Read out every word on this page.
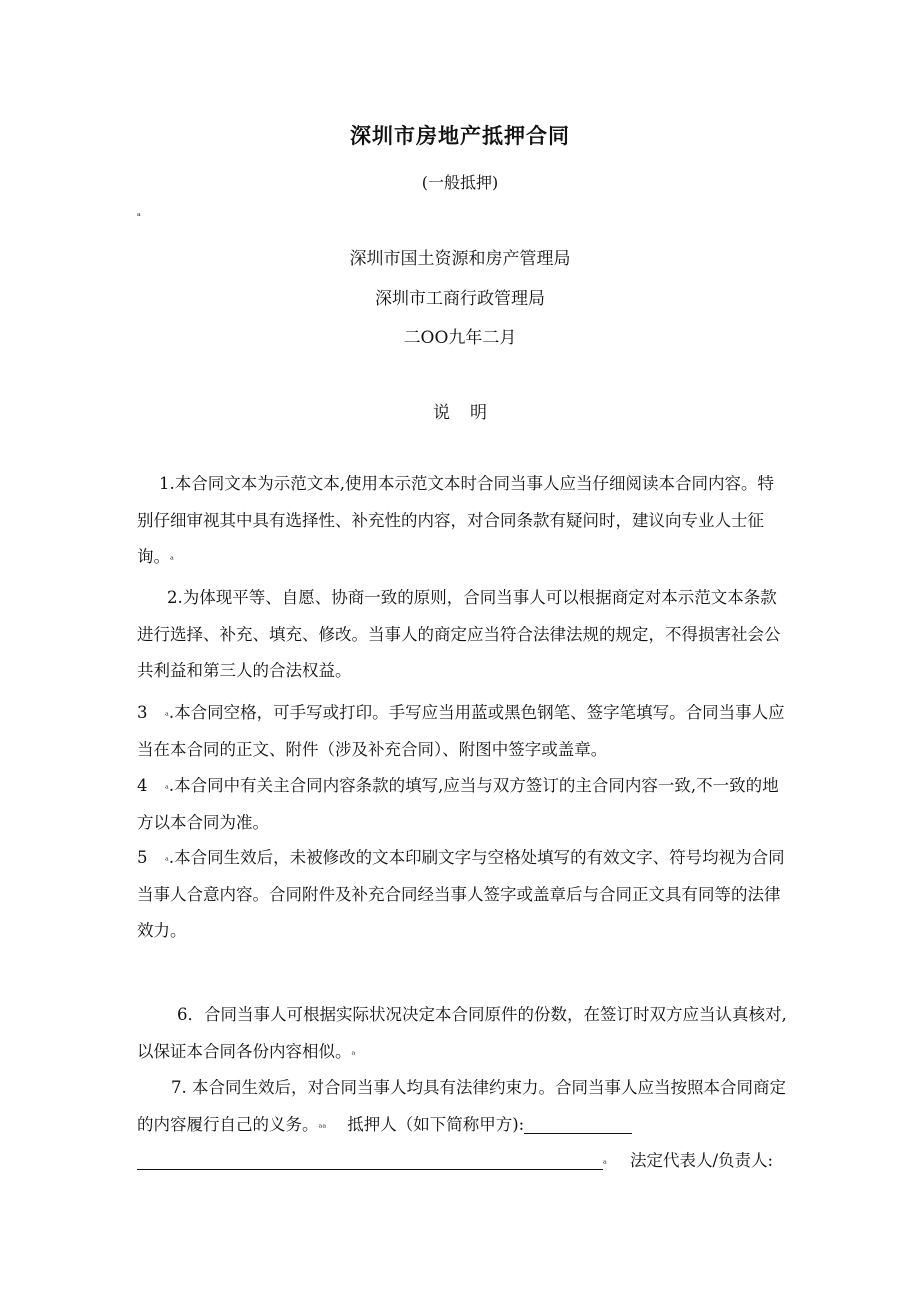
深圳市房地产抵押合同
(一般抵押)
ₐ
深圳市国土资源和房产管理局
深圳市工商行政管理局
二OO九年二月
说明
1.本合同文本为示范文本,使用本示范文本时合同当事人应当仔细阅读本合同内容。特别仔细审视其中具有选择性、补充性的内容，对合同条款有疑问时，建议向专业人士征询。ₐ
2.为体现平等、自愿、协商一致的原则，合同当事人可以根据商定对本示范文本条款进行选择、补充、填充、修改。当事人的商定应当符合法律法规的规定，不得损害社会公共利益和第三人的合法权益。
3 ₐ.本合同空格，可手写或打印。手写应当用蓝或黑色钢笔、签字笔填写。合同当事人应当在本合同的正文、附件（涉及补充合同）、附图中签字或盖章。
4 ₐ.本合同中有关主合同内容条款的填写,应当与双方签订的主合同内容一致,不一致的地方以本合同为准。
5 ₐ.本合同生效后，未被修改的文本印刷文字与空格处填写的有效文字、符号均视为合同当事人合意内容。合同附件及补充合同经当事人签字或盖章后与合同正文具有同等的法律效力。
6．合同当事人可根据实际状况决定本合同原件的份数，在签订时双方应当认真核对,以保证本合同各份内容相似。ₐ
7. 本合同生效后，对合同当事人均具有法律约束力。合同当事人应当按照本合同商定的内容履行自己的义务。ₐₐ 抵押人（如下简称甲方):
ₐ	法定代表人/负责人:
